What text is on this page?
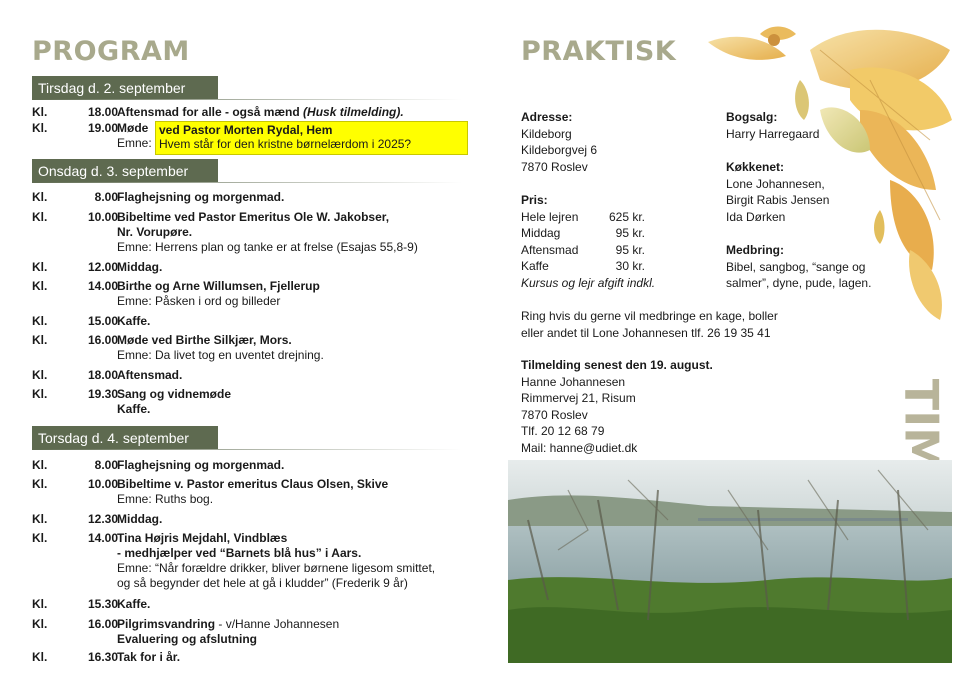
PROGRAM
Tirsdag d. 2. september
Kl.	18.00 Aftensmad for alle - også mænd (Husk tilmelding).
Kl.	19.00 Møde
Emne:
ved Pastor Morten Rydal, Hem
Hvem står for den kristne børnelærdom i 2025?
Onsdag d. 3. september
Kl.	8.00 Flaghejsning og morgenmad.
Kl.	10.00 Bibeltime ved Pastor Emeritus Ole W. Jakobser,
Nr. Vorupøre.
Emne: Herrens plan og tanke er at frelse (Esajas 55,8-9)
Kl.	12.00 Middag.
Kl.	14.00 Birthe og Arne Willumsen, Fjellerup
Emne: Påsken i ord og billeder
Kl.	15.00 Kaffe.
Kl.	16.00 Møde ved Birthe Silkjær, Mors.
Emne: Da livet tog en uventet drejning.
Kl.	18.00 Aftensmad.
Kl.	19.30 Sang og vidnemøde
Kaffe.
Torsdag d. 4. september
Kl.	8.00 Flaghejsning og morgenmad.
Kl.	10.00 Bibeltime v. Pastor emeritus Claus Olsen, Skive
Emne: Ruths bog.
Kl.	12.30 Middag.
Kl.	14.00 Tina Højris Mejdahl, Vindblæs
- medhjælper ved “Barnets blå hus” i Aars.
Emne: “Når forældre drikker, bliver børnene ligesom smittet,
og så begynder det hele at gå i kludder” (Frederik 9 år)
Kl.	15.30 Kaffe.
Kl.	16.00 Pilgrimsvandring - v/Hanne Johannesen
Evaluering og afslutning
Kl.	16.30 Tak for i år.
PRAKTISK
Adresse:
Kildeborg
Kildeborgvej 6
7870 Roslev
Pris:
Hele lejren	625 kr.
Middag	95 kr.
Aftensmad	95 kr.
Kaffe	30 kr.
Kursus og lejr afgift indkl.
Bogsalg:
Harry Harregaard
Køkkenet:
Lone Johannesen,
Birgit Rabis Jensen
Ida Dørken
Medbring:
Bibel, sangbog, “sange og
salmer”, dyne, pude, lagen.
Ring hvis du gerne vil medbringe en kage, boller
eller andet til Lone Johannesen tlf. 26 19 35 41
Tilmelding senest den 19. august.
Hanne Johannesen
Rimmervej 21, Risum
7870 Roslev
Tlf. 20 12 68 79
Mail: hanne@udiet.dk
